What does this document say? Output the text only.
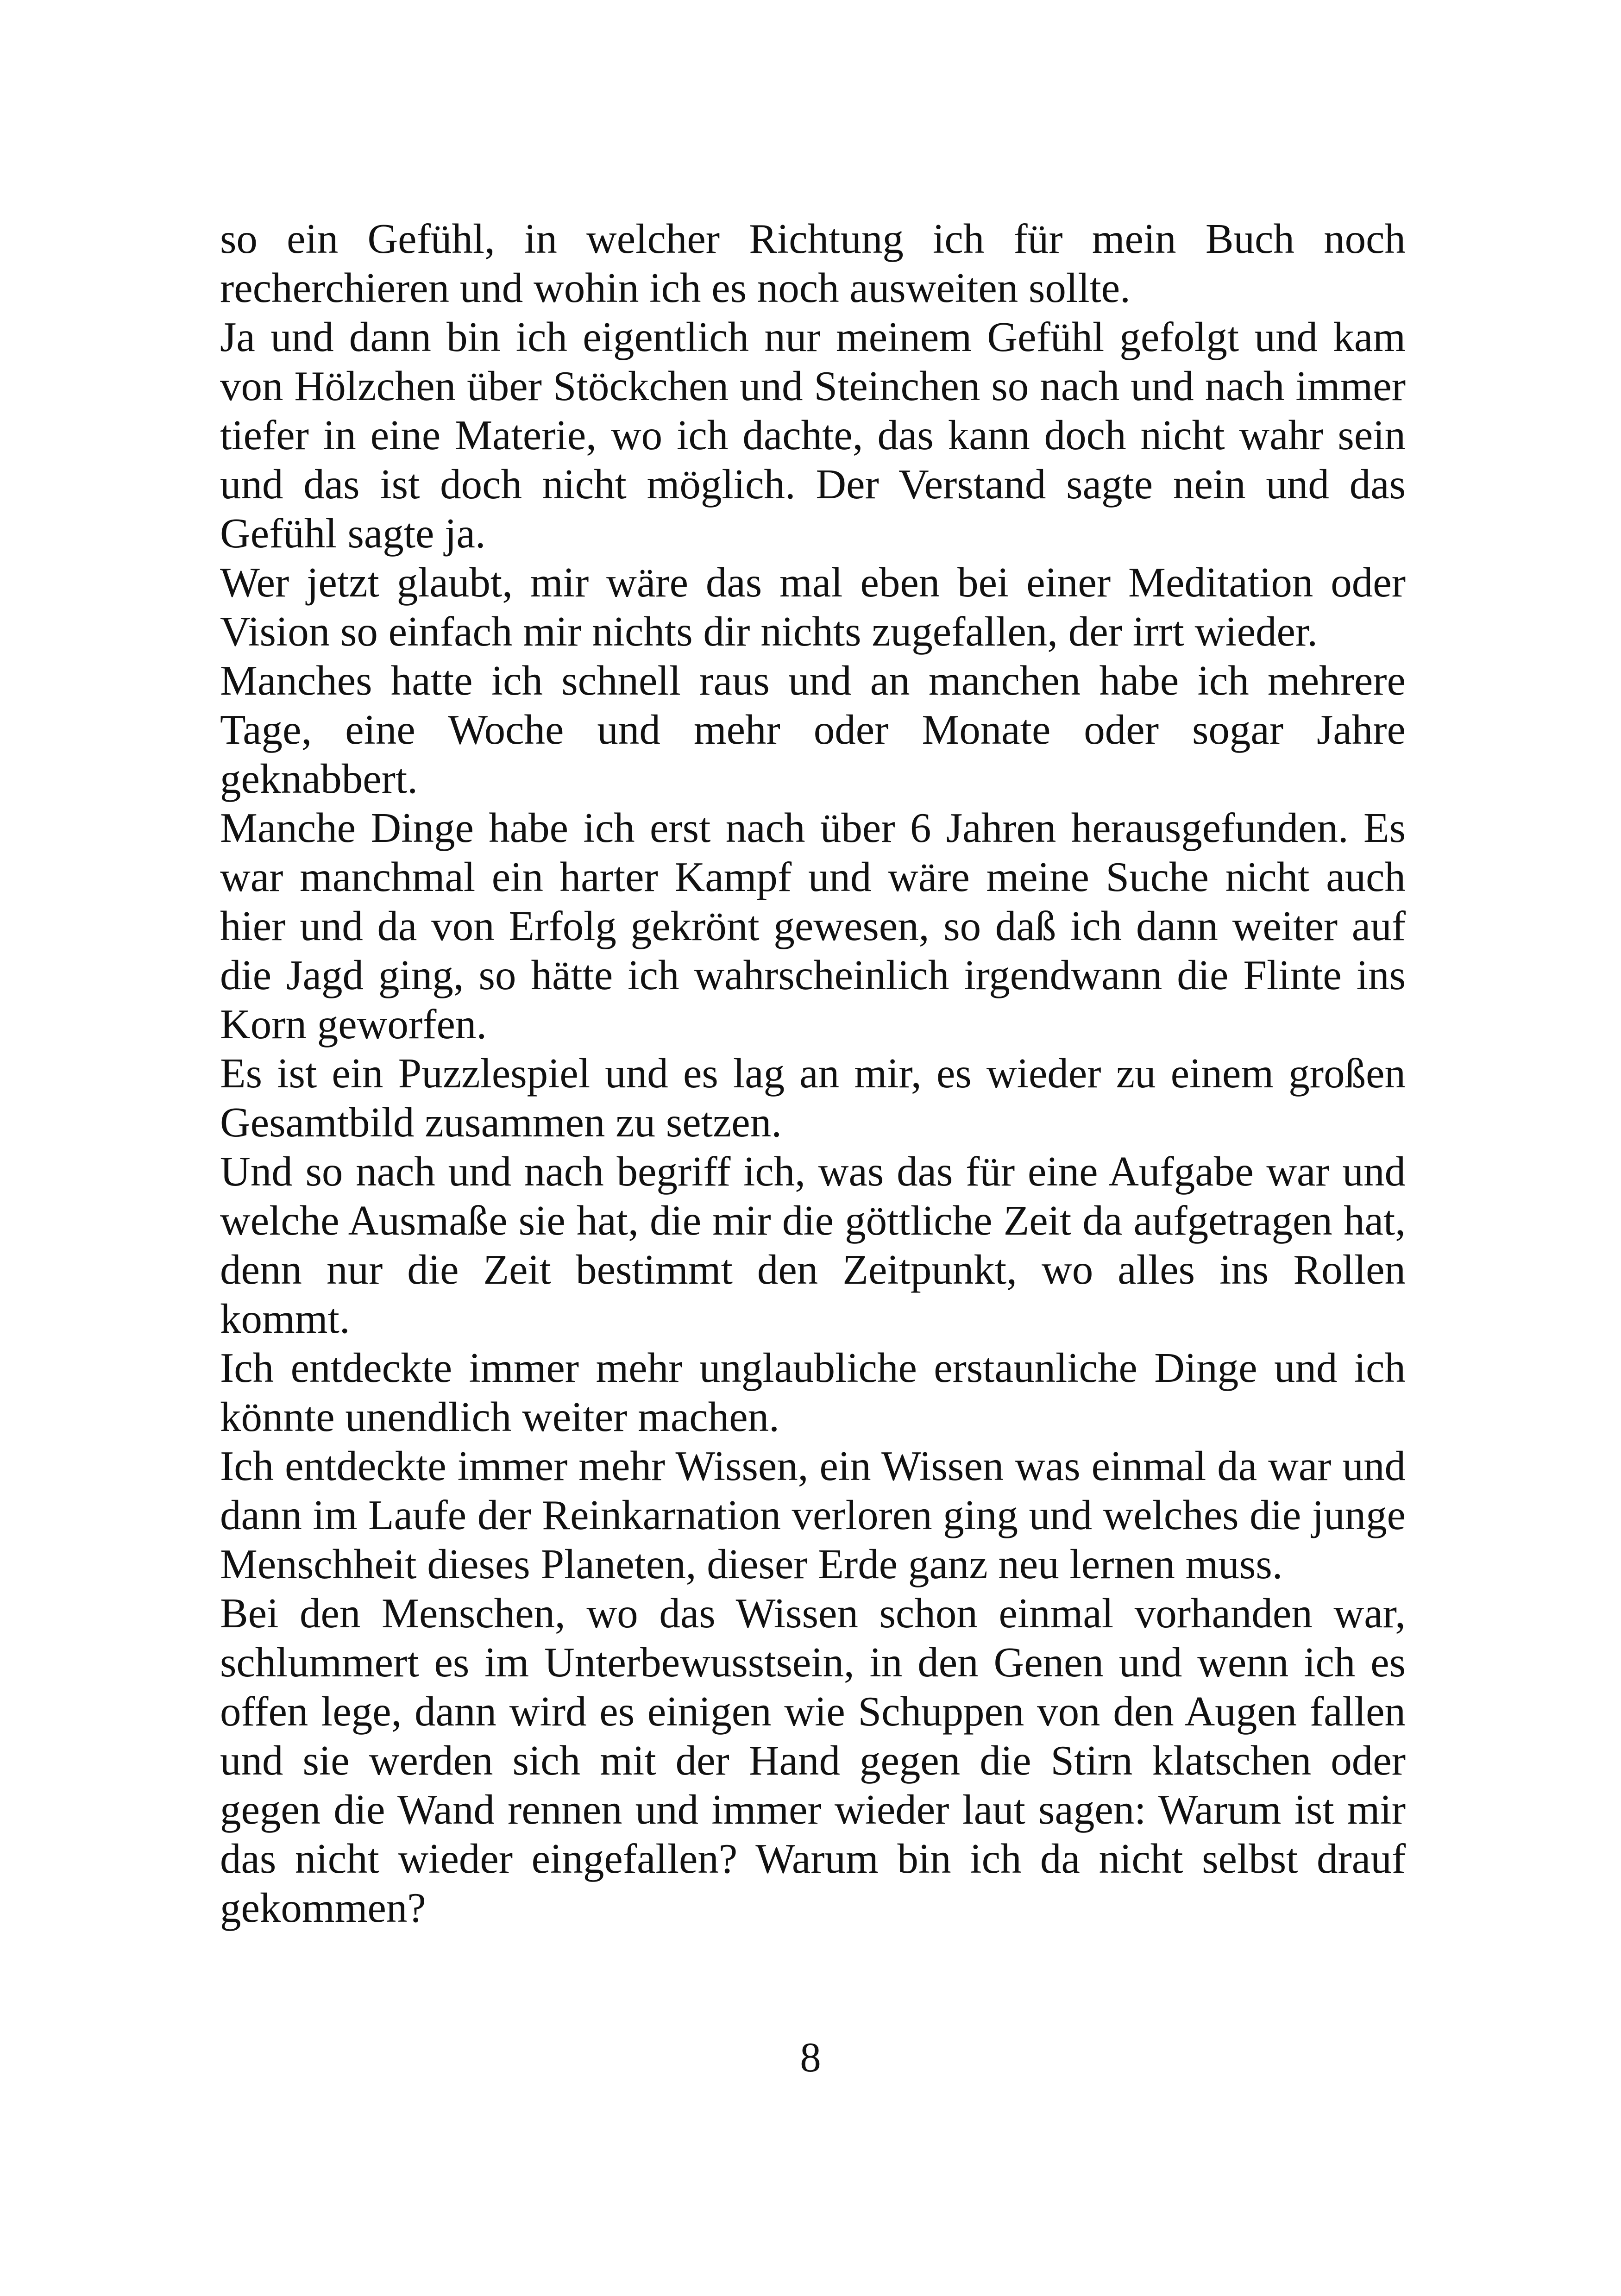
so ein Gefühl, in welcher Richtung ich für mein Buch noch recherchieren und wohin ich es noch ausweiten sollte.

Ja und dann bin ich eigentlich nur meinem Gefühl gefolgt und kam von Hölzchen über Stöckchen und Steinchen so nach und nach immer tiefer in eine Materie, wo ich dachte, das kann doch nicht wahr sein und das ist doch nicht möglich. Der Verstand sagte nein und das Gefühl sagte ja.

Wer jetzt glaubt, mir wäre das mal eben bei einer Meditation oder Vision so einfach mir nichts dir nichts zugefallen, der irrt wieder.

Manches hatte ich schnell raus und an manchen habe ich mehrere Tage, eine Woche und mehr oder Monate oder sogar Jahre geknabbert.

Manche Dinge habe ich erst nach über 6 Jahren herausgefunden. Es war manchmal ein harter Kampf und wäre meine Suche nicht auch hier und da von Erfolg gekrönt gewesen, so daß ich dann weiter auf die Jagd ging, so hätte ich wahrscheinlich irgendwann die Flinte ins Korn geworfen.

Es ist ein Puzzlespiel und es lag an mir, es wieder zu einem großen Gesamtbild zusammen zu setzen.

Und so nach und nach begriff ich, was das für eine Aufgabe war und welche Ausmaße sie hat, die mir die göttliche Zeit da aufgetragen hat, denn nur die Zeit bestimmt den Zeitpunkt, wo alles ins Rollen kommt.

Ich entdeckte immer mehr unglaubliche erstaunliche Dinge und ich könnte unendlich weiter machen.

Ich entdeckte immer mehr Wissen, ein Wissen was einmal da war und dann im Laufe der Reinkarnation verloren ging und welches die junge Menschheit dieses Planeten, dieser Erde ganz neu lernen muss.

Bei den Menschen, wo das Wissen schon einmal vorhanden war, schlummert es im Unterbewusstsein, in den Genen und wenn ich es offen lege, dann wird es einigen wie Schuppen von den Augen fallen und sie werden sich mit der Hand gegen die Stirn klatschen oder gegen die Wand rennen und immer wieder laut sagen: Warum ist mir das nicht wieder eingefallen? Warum bin ich da nicht selbst drauf gekommen?

8
